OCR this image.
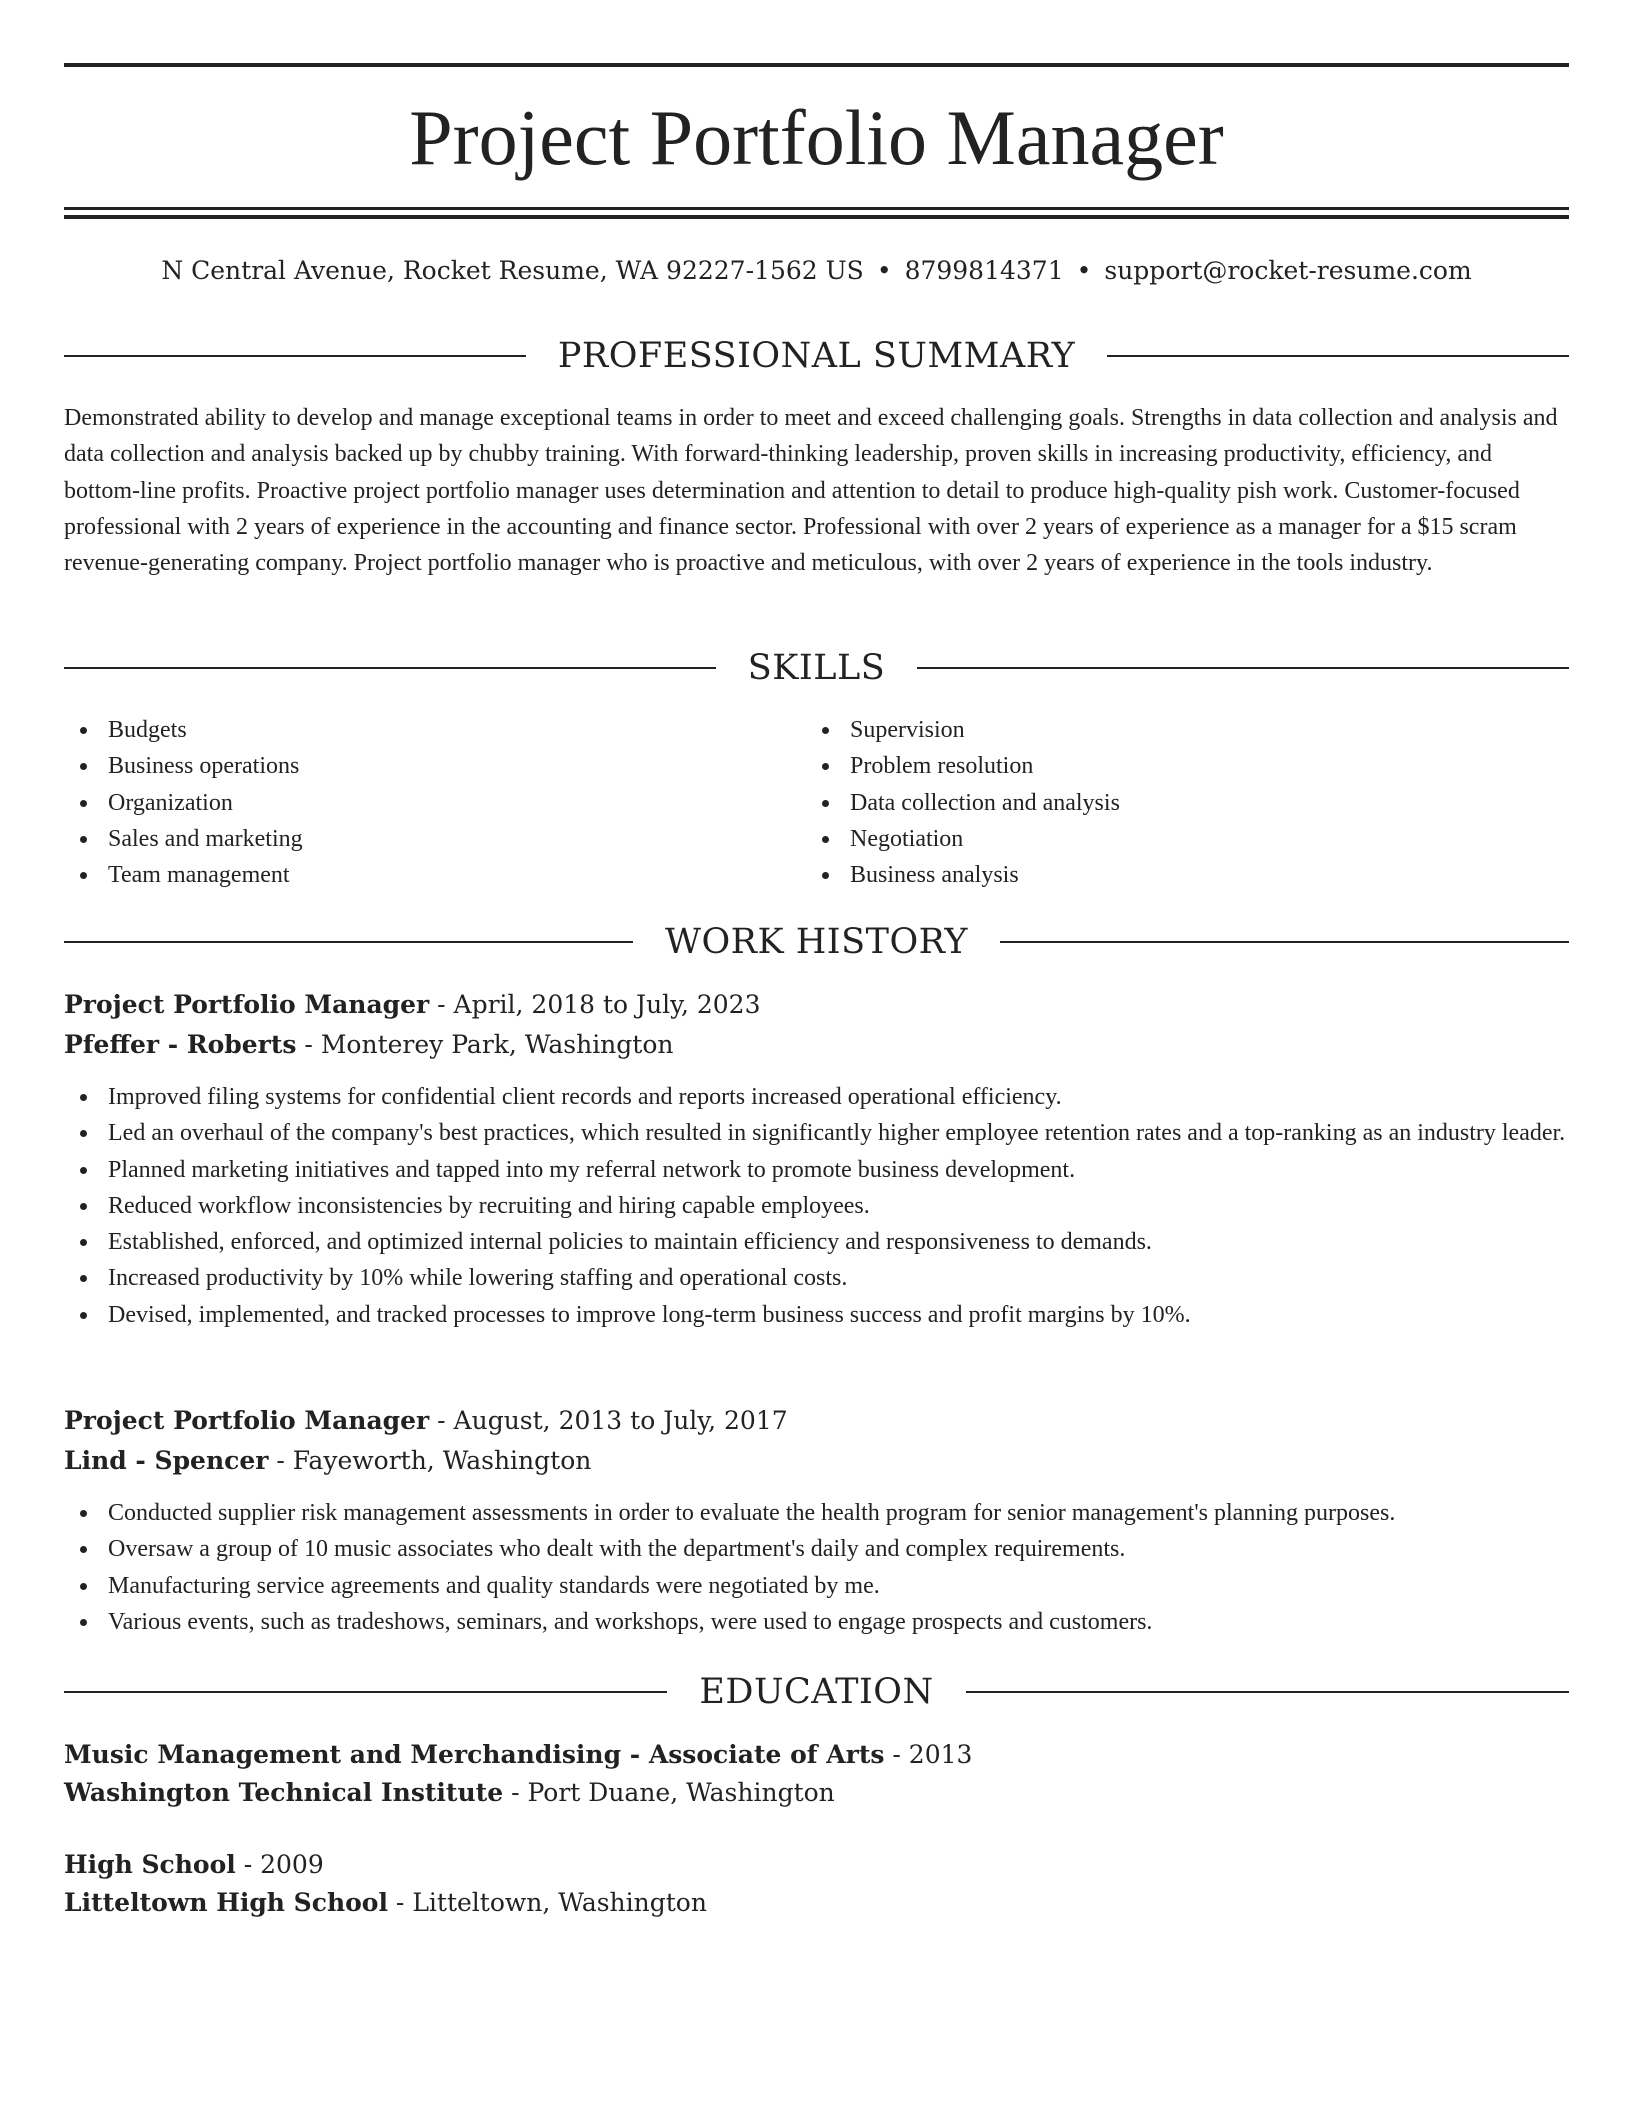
Project Portfolio Manager
N Central Avenue, Rocket Resume, WA 92227-1562 US • 8799814371 • support@rocket-resume.com
PROFESSIONAL SUMMARY

Demonstrated ability to develop and manage exceptional teams in order to meet and exceed challenging goals. Strengths in data collection and analysis and data collection and analysis backed up by chubby training. With forward-thinking leadership, proven skills in increasing productivity, efficiency, and bottom-line profits. Proactive project portfolio manager uses determination and attention to detail to produce high-quality pish work. Customer-focused professional with 2 years of experience in the accounting and finance sector. Professional with over 2 years of experience as a manager for a $15 scram revenue-generating company. Project portfolio manager who is proactive and meticulous, with over 2 years of experience in the tools industry.

SKILLS
Budgets
Business operations
Organization
Sales and marketing
Team management
Supervision
Problem resolution
Data collection and analysis
Negotiation
Business analysis
WORK HISTORY
Project Portfolio Manager - April, 2018 to July, 2023
Pfeffer - Roberts - Monterey Park, Washington
Improved filing systems for confidential client records and reports increased operational efficiency.
Led an overhaul of the company's best practices, which resulted in significantly higher employee retention rates and a top-ranking as an industry leader.
Planned marketing initiatives and tapped into my referral network to promote business development.
Reduced workflow inconsistencies by recruiting and hiring capable employees.
Established, enforced, and optimized internal policies to maintain efficiency and responsiveness to demands.
Increased productivity by 10% while lowering staffing and operational costs.
Devised, implemented, and tracked processes to improve long-term business success and profit margins by 10%.
Project Portfolio Manager - August, 2013 to July, 2017
Lind - Spencer - Fayeworth, Washington
Conducted supplier risk management assessments in order to evaluate the health program for senior management's planning purposes.
Oversaw a group of 10 music associates who dealt with the department's daily and complex requirements.
Manufacturing service agreements and quality standards were negotiated by me.
Various events, such as tradeshows, seminars, and workshops, were used to engage prospects and customers.
EDUCATION
Music Management and Merchandising - Associate of Arts - 2013
Washington Technical Institute - Port Duane, Washington
High School - 2009
Litteltown High School - Litteltown, Washington
